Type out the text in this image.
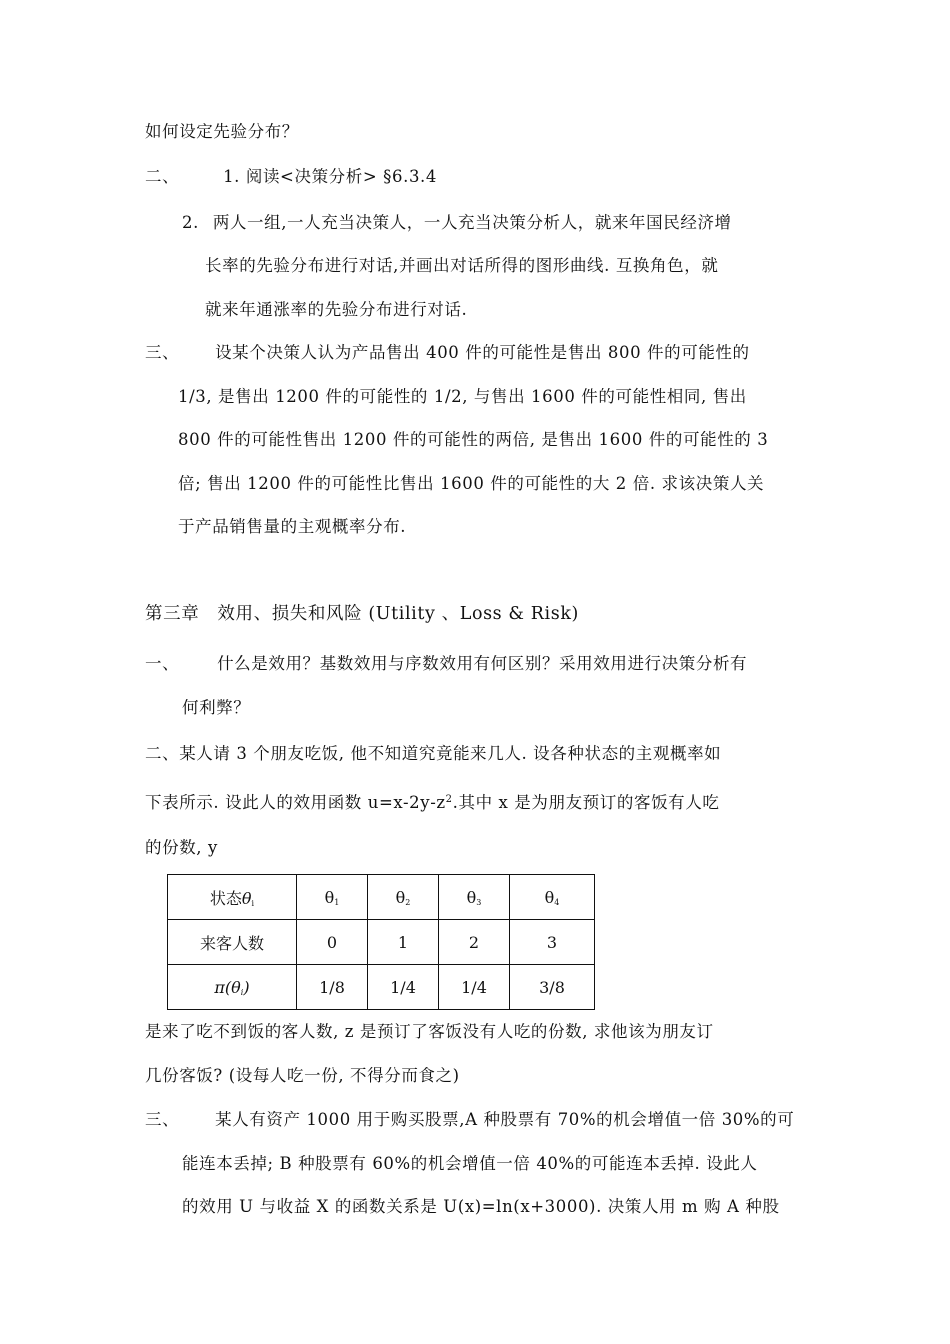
如何设定先验分布？
二、	1. 阅读<决策分析> §6.3.4
2. 两人一组,一人充当决策人，一人充当决策分析人，就来年国民经济增
长率的先验分布进行对话,并画出对话所得的图形曲线. 互换角色，就
就来年通涨率的先验分布进行对话.
三、 设某个决策人认为产品售出 400 件的可能性是售出 800 件的可能性的
1/3, 是售出 1200 件的可能性的 1/2, 与售出 1600 件的可能性相同, 售出
800 件的可能性售出 1200 件的可能性的两倍, 是售出 1600 件的可能性的 3
倍; 售出 1200 件的可能性比售出 1600 件的可能性的大 2 倍. 求该决策人关
于产品销售量的主观概率分布.
第三章　效用、损失和风险 (Utility 、Loss & Risk)
一、 什么是效用？基数效用与序数效用有何区别？采用效用进行决策分析有
何利弊？
二、某人请 3 个朋友吃饭, 他不知道究竟能来几人. 设各种状态的主观概率如
下表所示. 设此人的效用函数 $u=x-2y-z^2$.其中 x 是为朋友预订的客饭有人吃
的份数, y
状态$\theta_i$	$\theta_1$	$\theta_2$	$\theta_3$	$\theta_4$
来客人数	0	1	2	3
$\pi(\theta_i)$	1/8	1/4	1/4	3/8
是来了吃不到饭的客人数, z 是预订了客饭没有人吃的份数, 求他该为朋友订
几份客饭? (设每人吃一份, 不得分而食之)
三、 某人有资产 1000 用于购买股票,A 种股票有 70%的机会增值一倍 30%的可
能连本丢掉; B 种股票有 60%的机会增值一倍 40%的可能连本丢掉. 设此人
的效用 U 与收益 X 的函数关系是 U(x)=ln(x+3000). 决策人用 m 购 A 种股
